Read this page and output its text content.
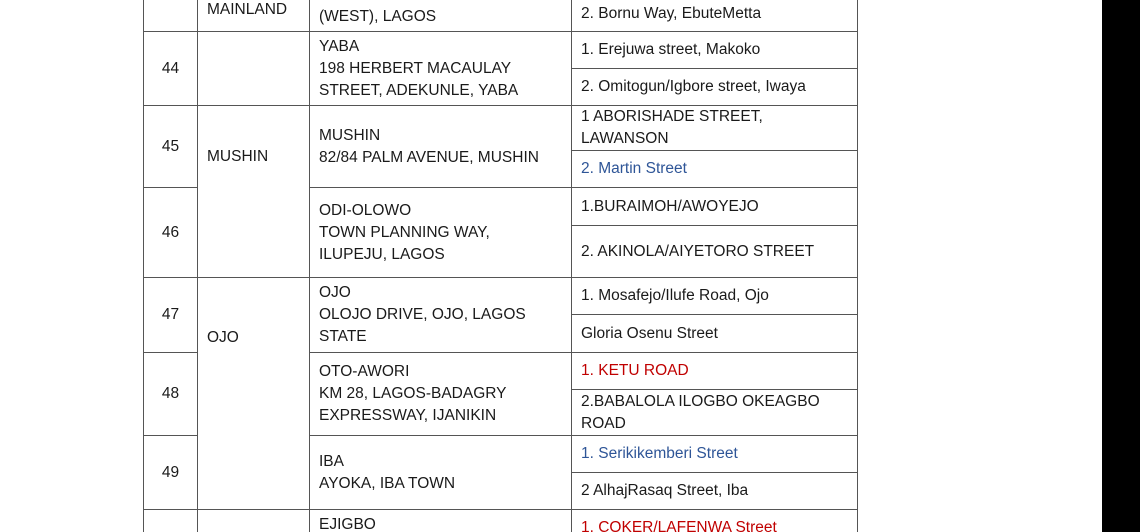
	MAINLAND	(WEST), LAGOS	2. Bornu Way, EbuteMetta
44		YABA
198 HERBERT MACAULAY
STREET, ADEKUNLE, YABA	1. Erejuwa street, Makoko
			2. Omitogun/Igbore street, Iwaya
45	MUSHIN	MUSHIN
82/84 PALM AVENUE, MUSHIN	1 ABORISHADE STREET, LAWANSON
			2. Martin Street
46		ODI-OLOWO
TOWN PLANNING WAY,
ILUPEJU, LAGOS	1.BURAIMOH/AWOYEJO
			2. AKINOLA/AIYETORO STREET
47	OJO	OJO
OLOJO DRIVE, OJO, LAGOS
STATE	1. Mosafejo/Ilufe Road, Ojo
			Gloria Osenu Street
48		OTO-AWORI
KM 28, LAGOS-BADAGRY
EXPRESSWAY, IJANIKIN	1. KETU ROAD

			2.BABALOLA ILOGBO OKEAGBO
ROAD

49		IBA
AYOKA, IBA TOWN	1. Serikikemberi Street
			2 AlhajRasaq Street, Iba

		EJIGBO	1. COKER/LAFENWA Street
